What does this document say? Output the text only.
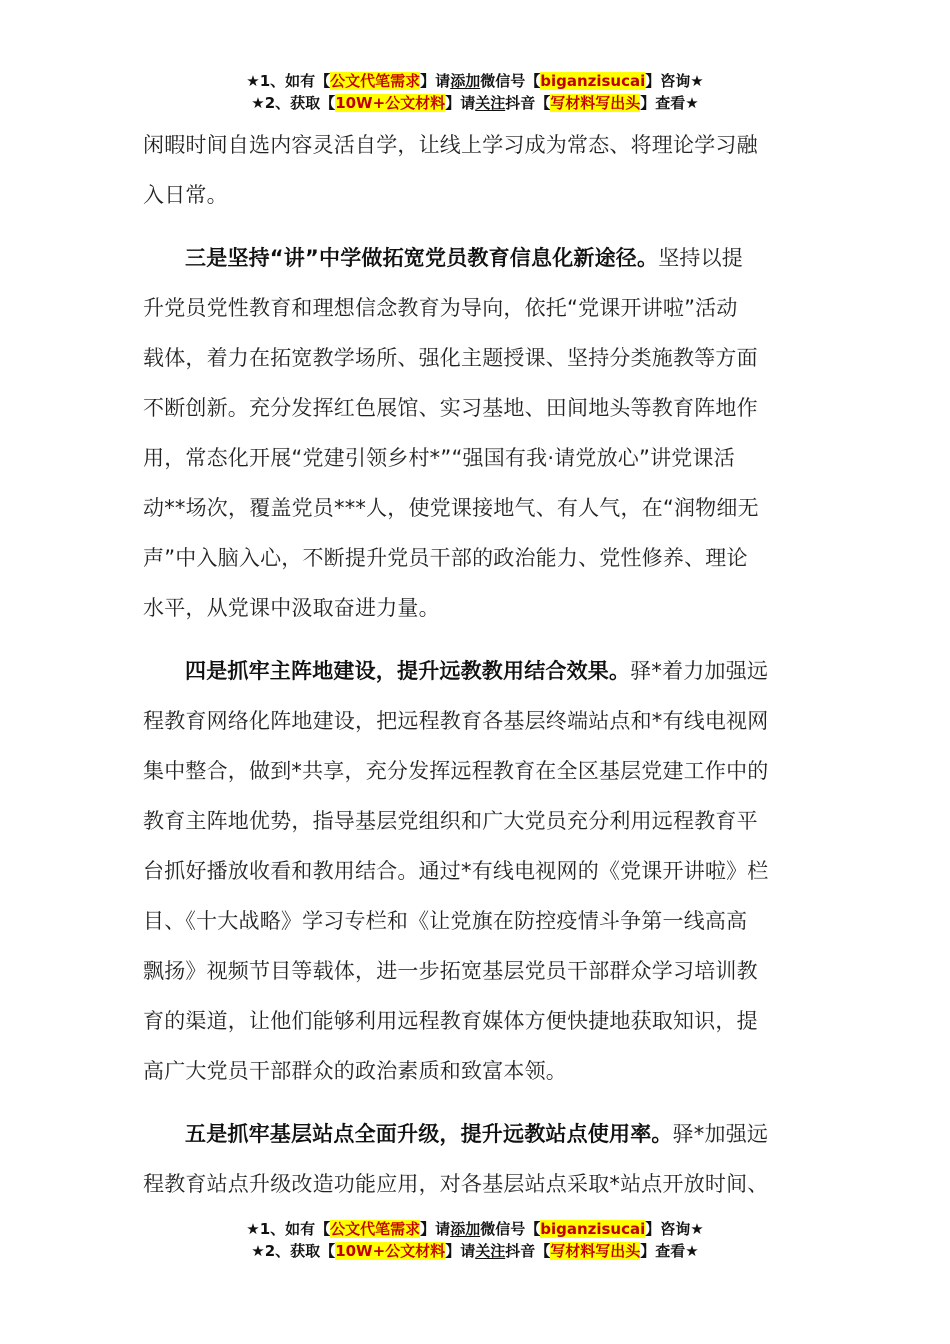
★1、如有【公文代笔需求】请添加微信号【biganzisucai】咨询★
★2、获取【10W+公文材料】请关注抖音【写材料写出头】查看★

闲暇时间自选内容灵活自学，让线上学习成为常态、将理论学习融
入日常。

三是坚持“讲”中学做拓宽党员教育信息化新途径。坚持以提
升党员党性教育和理想信念教育为导向，依托“党课开讲啦”活动
载体，着力在拓宽教学场所、强化主题授课、坚持分类施教等方面
不断创新。充分发挥红色展馆、实习基地、田间地头等教育阵地作
用，常态化开展“党建引领乡村*”“强国有我·请党放心”讲党课活
动**场次，覆盖党员***人，使党课接地气、有人气，在“润物细无
声”中入脑入心，不断提升党员干部的政治能力、党性修养、理论
水平，从党课中汲取奋进力量。

四是抓牢主阵地建设，提升远教教用结合效果。驿*着力加强远
程教育网络化阵地建设，把远程教育各基层终端站点和*有线电视网
集中整合，做到*共享，充分发挥远程教育在全区基层党建工作中的
教育主阵地优势，指导基层党组织和广大党员充分利用远程教育平
台抓好播放收看和教用结合。通过*有线电视网的《党课开讲啦》栏
目、《十大战略》学习专栏和《让党旗在防控疫情斗争第一线高高
飘扬》视频节目等载体，进一步拓宽基层党员干部群众学习培训教
育的渠道，让他们能够利用远程教育媒体方便快捷地获取知识，提
高广大党员干部群众的政治素质和致富本领。

五是抓牢基层站点全面升级，提升远教站点使用率。驿*加强远
程教育站点升级改造功能应用，对各基层站点采取*站点开放时间、

★1、如有【公文代笔需求】请添加微信号【biganzisucai】咨询★
★2、获取【10W+公文材料】请关注抖音【写材料写出头】查看★
